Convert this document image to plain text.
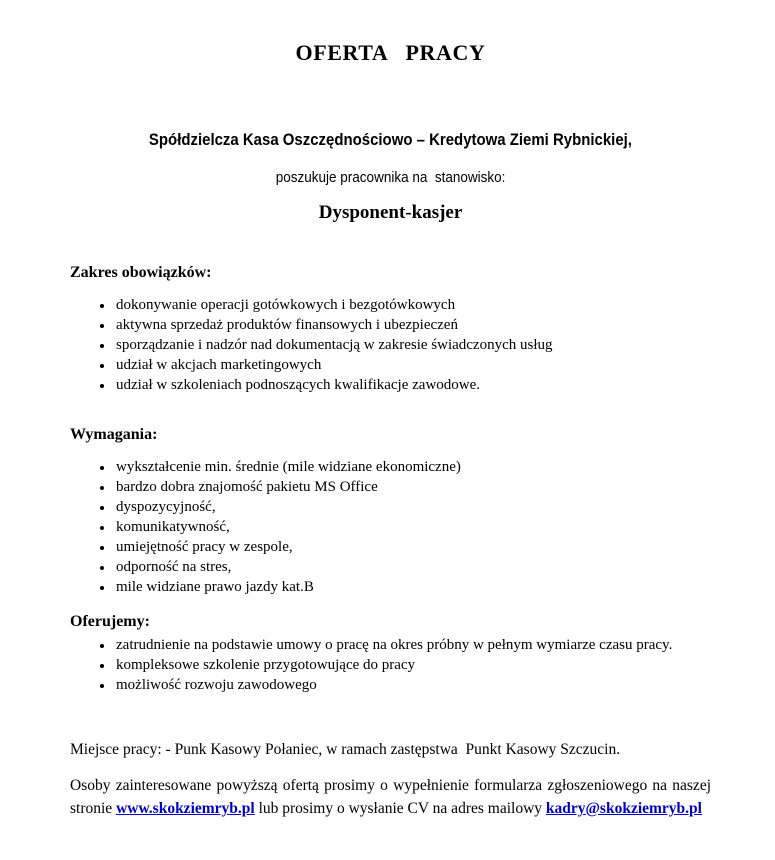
OFERTA   PRACY

Spółdzielcza Kasa Oszczędnościowo – Kredytowa Ziemi Rybnickiej,

poszukuje pracownika na  stanowisko:

Dysponent-kasjer
Zakres obowiązków:
• dokonywanie operacji gotówkowych i bezgotówkowych
• aktywna sprzedaż produktów finansowych i ubezpieczeń
• sporządzanie i nadzór nad dokumentacją w zakresie świadczonych usług
• udział w akcjach marketingowych
• udział w szkoleniach podnoszących kwalifikacje zawodowe.
Wymagania:
• wykształcenie min. średnie (mile widziane ekonomiczne)
• bardzo dobra znajomość pakietu MS Office
• dyspozycyjność,
• komunikatywność,
• umiejętność pracy w zespole,
• odporność na stres,
• mile widziane prawo jazdy kat.B
Oferujemy:
• zatrudnienie na podstawie umowy o pracę na okres próbny w pełnym wymiarze czasu pracy.
• kompleksowe szkolenie przygotowujące do pracy
• możliwość rozwoju zawodowego

Miejsce pracy: - Punk Kasowy Połaniec, w ramach zastępstwa  Punkt Kasowy Szczucin.

Osoby zainteresowane powyższą ofertą prosimy o wypełnienie formularza zgłoszeniowego na naszej stronie www.skokziemryb.pl lub prosimy o wysłanie CV na adres mailowy kadry@skokziemryb.pl
